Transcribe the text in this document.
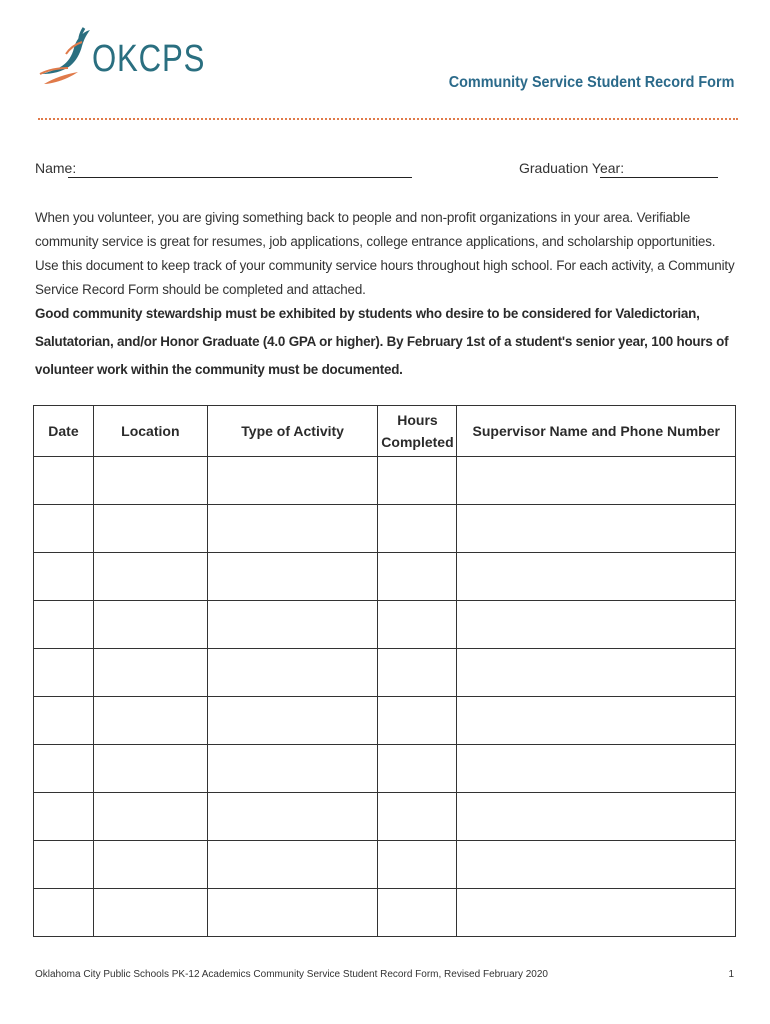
OKCPS
Community Service Student Record Form
Name:	Graduation Year:
When you volunteer, you are giving something back to people and non-profit organizations in your area. Verifiable community service is great for resumes, job applications, college entrance applications, and scholarship opportunities. Use this document to keep track of your community service hours throughout high school. For each activity, a Community Service Record Form should be completed and attached.
Good community stewardship must be exhibited by students who desire to be considered for Valedictorian, Salutatorian, and/or Honor Graduate (4.0 GPA or higher). By February 1st of a student's senior year, 100 hours of volunteer work within the community must be documented.
Date	Location	Type of Activity	Hours Completed	Supervisor Name and Phone Number

Oklahoma City Public Schools PK-12 Academics Community Service Student Record Form, Revised February 2020	1
